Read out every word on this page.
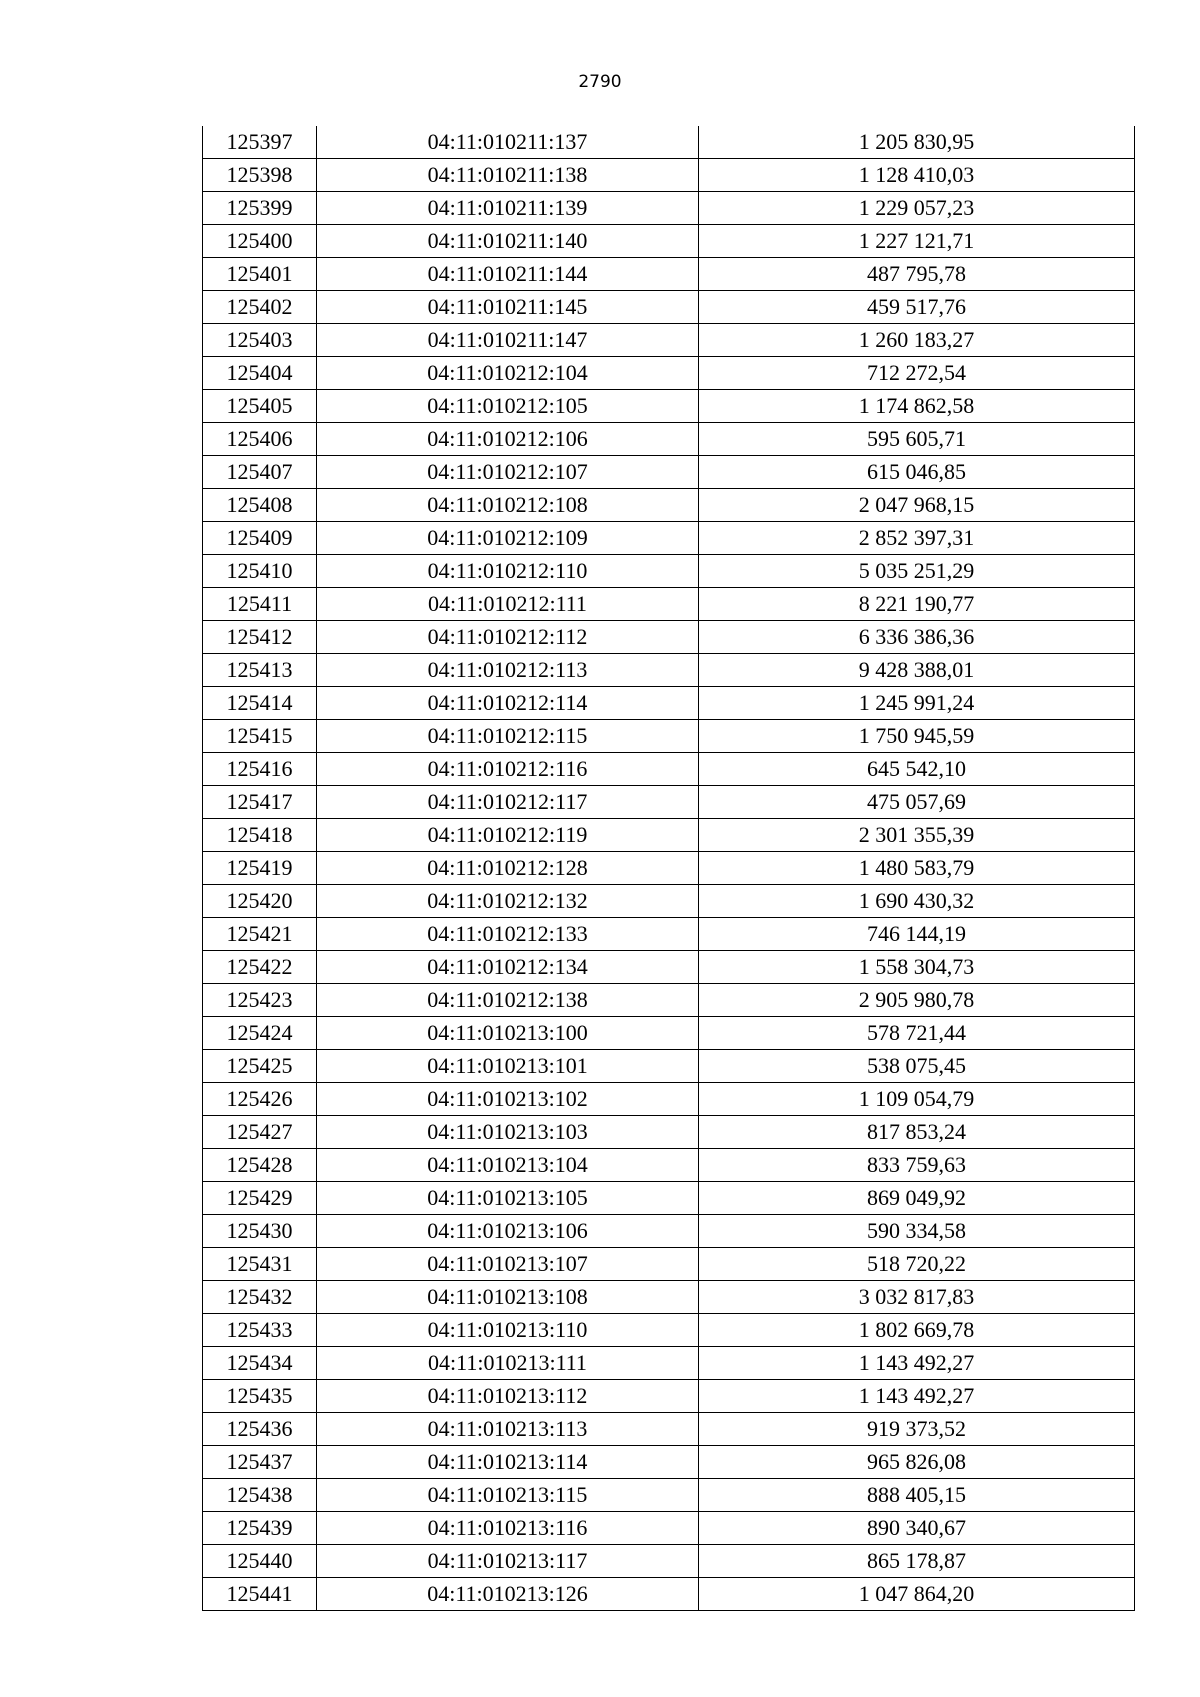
2790
125397	04:11:010211:137	1 205 830,95
125398	04:11:010211:138	1 128 410,03
125399	04:11:010211:139	1 229 057,23
125400	04:11:010211:140	1 227 121,71
125401	04:11:010211:144	487 795,78
125402	04:11:010211:145	459 517,76
125403	04:11:010211:147	1 260 183,27
125404	04:11:010212:104	712 272,54
125405	04:11:010212:105	1 174 862,58
125406	04:11:010212:106	595 605,71
125407	04:11:010212:107	615 046,85
125408	04:11:010212:108	2 047 968,15
125409	04:11:010212:109	2 852 397,31
125410	04:11:010212:110	5 035 251,29
125411	04:11:010212:111	8 221 190,77
125412	04:11:010212:112	6 336 386,36
125413	04:11:010212:113	9 428 388,01
125414	04:11:010212:114	1 245 991,24
125415	04:11:010212:115	1 750 945,59
125416	04:11:010212:116	645 542,10
125417	04:11:010212:117	475 057,69
125418	04:11:010212:119	2 301 355,39
125419	04:11:010212:128	1 480 583,79
125420	04:11:010212:132	1 690 430,32
125421	04:11:010212:133	746 144,19
125422	04:11:010212:134	1 558 304,73
125423	04:11:010212:138	2 905 980,78
125424	04:11:010213:100	578 721,44
125425	04:11:010213:101	538 075,45
125426	04:11:010213:102	1 109 054,79
125427	04:11:010213:103	817 853,24
125428	04:11:010213:104	833 759,63
125429	04:11:010213:105	869 049,92
125430	04:11:010213:106	590 334,58
125431	04:11:010213:107	518 720,22
125432	04:11:010213:108	3 032 817,83
125433	04:11:010213:110	1 802 669,78
125434	04:11:010213:111	1 143 492,27
125435	04:11:010213:112	1 143 492,27
125436	04:11:010213:113	919 373,52
125437	04:11:010213:114	965 826,08
125438	04:11:010213:115	888 405,15
125439	04:11:010213:116	890 340,67
125440	04:11:010213:117	865 178,87
125441	04:11:010213:126	1 047 864,20
